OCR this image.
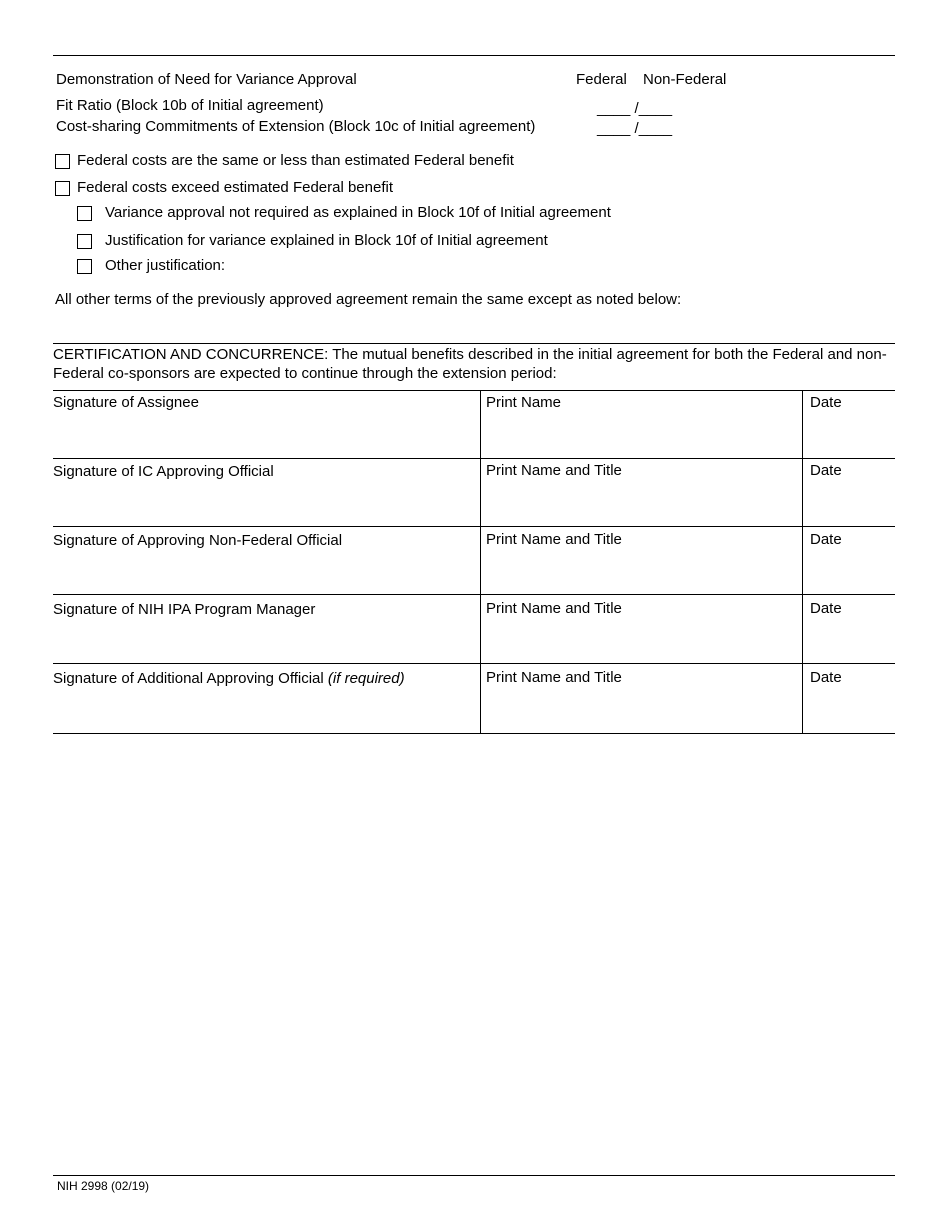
Demonstration of Need for Variance Approval	Federal Non-Federal
Fit Ratio (Block 10b of Initial agreement)	____ /____
Cost-sharing Commitments of Extension (Block 10c of Initial agreement)	____ /____
Federal costs are the same or less than estimated Federal benefit
Federal costs exceed estimated Federal benefit
Variance approval not required as explained in Block 10f of Initial agreement
Justification for variance explained in Block 10f of Initial agreement
Other justification:
All other terms of the previously approved agreement remain the same except as noted below:
CERTIFICATION AND CONCURRENCE: The mutual benefits described in the initial agreement for both the Federal and non-Federal co-sponsors are expected to continue through the extension period:
Signature of Assignee	Print Name	Date
Signature of IC Approving Official	Print Name and Title	Date
Signature of Approving Non-Federal Official	Print Name and Title	Date
Signature of NIH IPA Program Manager	Print Name and Title	Date
Signature of Additional Approving Official (if required)	Print Name and Title	Date
NIH 2998 (02/19)
